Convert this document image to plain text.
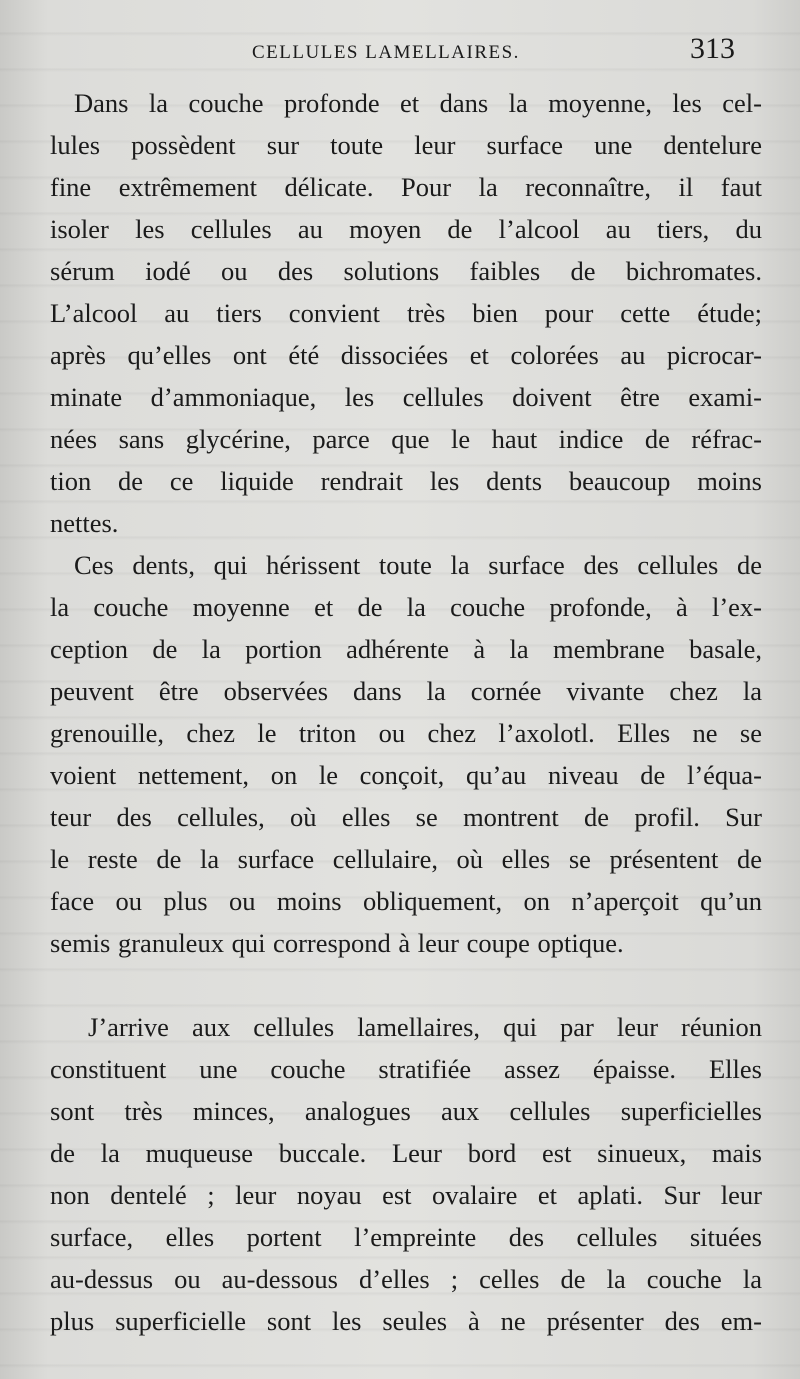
CELLULES LAMELLAIRES.	313
Dans la couche profonde et dans la moyenne, les cel-
lules possèdent sur toute leur surface une dentelure
fine extrêmement délicate. Pour la reconnaître, il faut
isoler les cellules au moyen de l’alcool au tiers, du
sérum iodé ou des solutions faibles de bichromates.
L’alcool au tiers convient très bien pour cette étude;
après qu’elles ont été dissociées et colorées au picrocar-
minate d’ammoniaque, les cellules doivent être exami-
nées sans glycérine, parce que le haut indice de réfrac-
tion de ce liquide rendrait les dents beaucoup moins
nettes.
Ces dents, qui hérissent toute la surface des cellules de
la couche moyenne et de la couche profonde, à l’ex-
ception de la portion adhérente à la membrane basale,
peuvent être observées dans la cornée vivante chez la
grenouille, chez le triton ou chez l’axolotl. Elles ne se
voient nettement, on le conçoit, qu’au niveau de l’équa-
teur des cellules, où elles se montrent de profil. Sur
le reste de la surface cellulaire, où elles se présentent de
face ou plus ou moins obliquement, on n’aperçoit qu’un
semis granuleux qui correspond à leur coupe optique.
J’arrive aux cellules lamellaires, qui par leur réunion
constituent une couche stratifiée assez épaisse. Elles
sont très minces, analogues aux cellules superficielles
de la muqueuse buccale. Leur bord est sinueux, mais
non dentelé ; leur noyau est ovalaire et aplati. Sur leur
surface, elles portent l’empreinte des cellules situées
au-dessus ou au-dessous d’elles ; celles de la couche la
plus superficielle sont les seules à ne présenter des em-
